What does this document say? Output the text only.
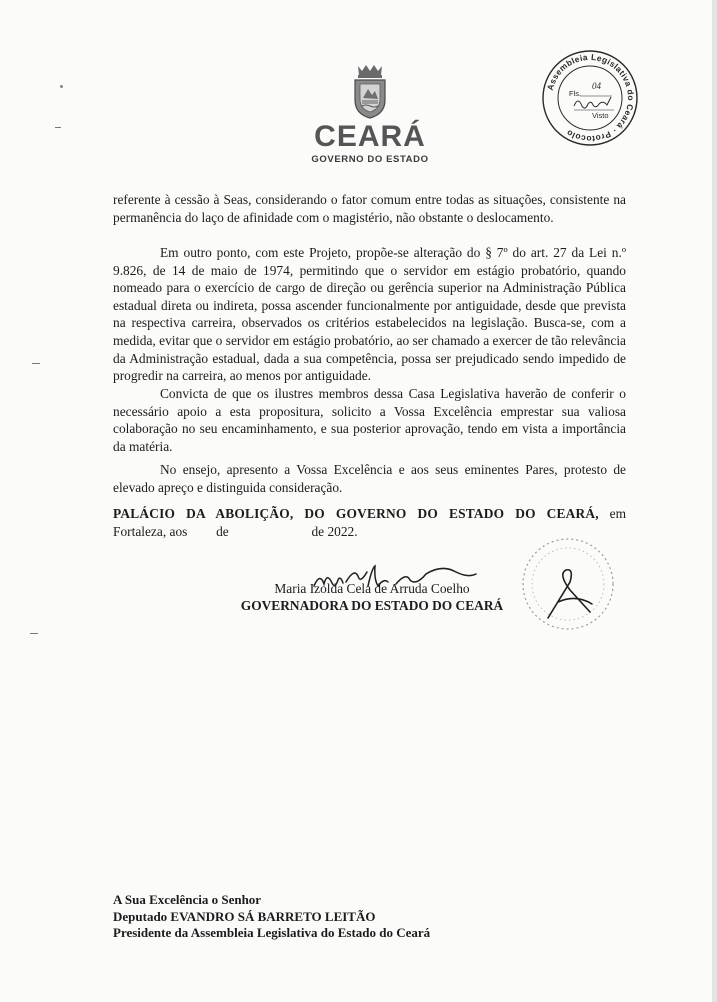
CEARÁ
GOVERNO DO ESTADO
Assembleia Legislativa do Ceará · Protocolo
Fls.
04
Visto
referente à cessão à Seas, considerando o fator comum entre todas as situações, consistente na permanência do laço de afinidade com o magistério, não obstante o deslocamento.
Em outro ponto, com este Projeto, propõe-se alteração do § 7º do art. 27 da Lei n.º 9.826, de 14 de maio de 1974, permitindo que o servidor em estágio probatório, quando nomeado para o exercício de cargo de direção ou gerência superior na Administração Pública estadual direta ou indireta, possa ascender funcionalmente por antiguidade, desde que prevista na respectiva carreira, observados os critérios estabelecidos na legislação. Busca-se, com a medida, evitar que o servidor em estágio probatório, ao ser chamado a exercer de tão relevância da Administração estadual, dada a sua competência, possa ser prejudicado sendo impedido de progredir na carreira, ao menos por antiguidade.
Convicta de que os ilustres membros dessa Casa Legislativa haverão de conferir o necessário apoio a esta propositura, solicito a Vossa Excelência emprestar sua valiosa colaboração no seu encaminhamento, e sua posterior aprovação, tendo em vista a importância da matéria.
No ensejo, apresento a Vossa Excelência e aos seus eminentes Pares, protesto de elevado apreço e distinguida consideração.
PALÁCIO DA ABOLIÇÃO, DO GOVERNO DO ESTADO DO CEARÁ, em
Fortaleza, aos de	de 2022.
Maria Izolda Cela de Arruda Coelho
GOVERNADORA DO ESTADO DO CEARÁ
A Sua Excelência o Senhor
Deputado EVANDRO SÁ BARRETO LEITÃO
Presidente da Assembleia Legislativa do Estado do Ceará
